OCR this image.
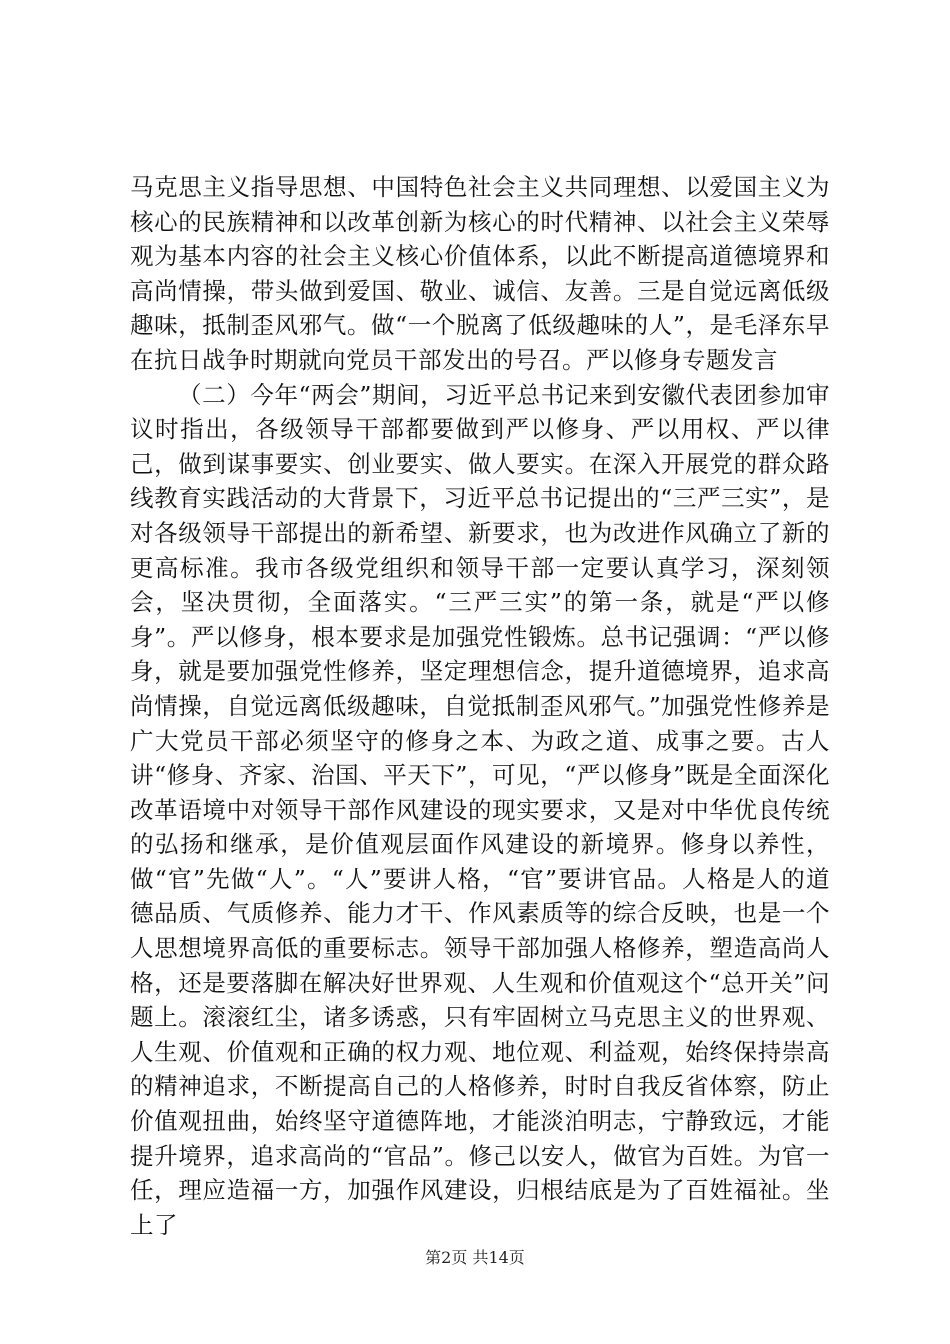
马克思主义指导思想、中国特色社会主义共同理想、以爱国主义为核心的民族精神和以改革创新为核心的时代精神、以社会主义荣辱观为基本内容的社会主义核心价值体系，以此不断提高道德境界和高尚情操，带头做到爱国、敬业、诚信、友善。三是自觉远离低级趣味，抵制歪风邪气。做“一个脱离了低级趣味的人”，是毛泽东早在抗日战争时期就向党员干部发出的号召。严以修身专题发言

（二）今年“两会”期间，习近平总书记来到安徽代表团参加审议时指出，各级领导干部都要做到严以修身、严以用权、严以律己，做到谋事要实、创业要实、做人要实。在深入开展党的群众路线教育实践活动的大背景下，习近平总书记提出的“三严三实”，是对各级领导干部提出的新希望、新要求，也为改进作风确立了新的更高标准。我市各级党组织和领导干部一定要认真学习，深刻领会，坚决贯彻，全面落实。“三严三实”的第一条，就是“严以修身”。严以修身，根本要求是加强党性锻炼。总书记强调：“严以修身，就是要加强党性修养，坚定理想信念，提升道德境界，追求高尚情操，自觉远离低级趣味，自觉抵制歪风邪气。”加强党性修养是广大党员干部必须坚守的修身之本、为政之道、成事之要。古人讲“修身、齐家、治国、平天下”，可见，“严以修身”既是全面深化改革语境中对领导干部作风建设的现实要求，又是对中华优良传统的弘扬和继承，是价值观层面作风建设的新境界。修身以养性，做“官”先做“人”。“人”要讲人格，“官”要讲官品。人格是人的道德品质、气质修养、能力才干、作风素质等的综合反映，也是一个人思想境界高低的重要标志。领导干部加强人格修养，塑造高尚人格，还是要落脚在解决好世界观、人生观和价值观这个“总开关”问题上。滚滚红尘，诸多诱惑，只有牢固树立马克思主义的世界观、人生观、价值观和正确的权力观、地位观、利益观，始终保持崇高的精神追求，不断提高自己的人格修养，时时自我反省体察，防止价值观扭曲，始终坚守道德阵地，才能淡泊明志，宁静致远，才能提升境界，追求高尚的“官品”。修己以安人，做官为百姓。为官一任，理应造福一方，加强作风建设，归根结底是为了百姓福祉。坐上了

第2页 共14页
